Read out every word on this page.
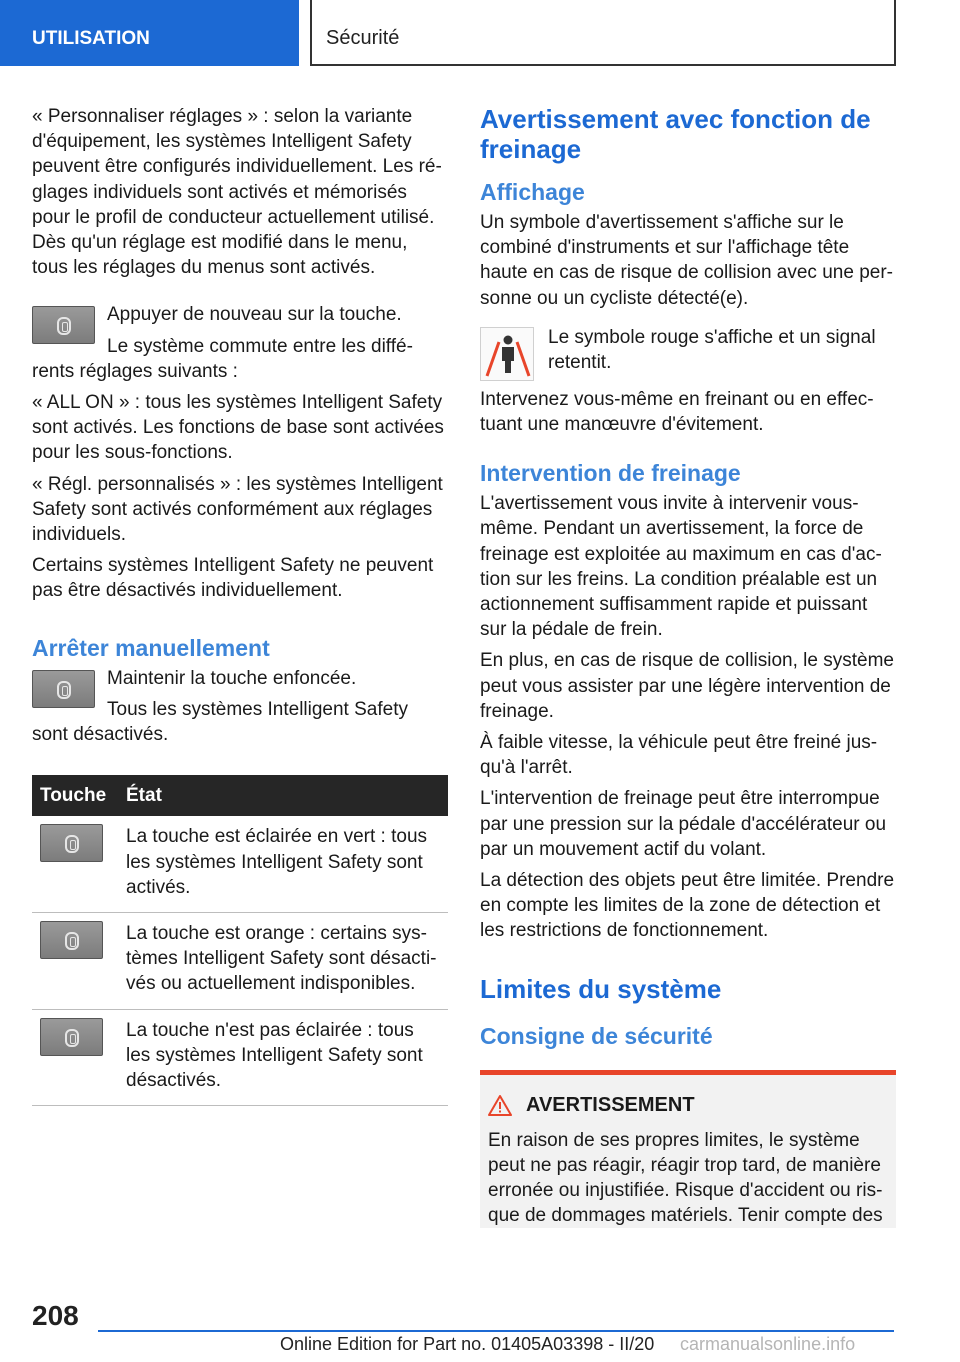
UTILISATION	Sécurité

« Personnaliser réglages » : selon la variante d'équipement, les systèmes Intelligent Safety peuvent être configurés individuellement. Les réglages individuels sont activés et mémorisés pour le profil de conducteur actuellement utilisé. Dès qu'un réglage est modifié dans le menu, tous les réglages du menus sont activés.

Appuyer de nouveau sur la touche.

Le système commute entre les différents réglages suivants :

« ALL ON » : tous les systèmes Intelligent Safety sont activés. Les fonctions de base sont activées pour les sous-fonctions.

« Régl. personnalisés » : les systèmes Intelligent Safety sont activés conformément aux réglages individuels.

Certains systèmes Intelligent Safety ne peuvent pas être désactivés individuellement.

Arrêter manuellement

Maintenir la touche enfoncée.

Tous les systèmes Intelligent Safety sont désactivés.

Touche	État

	La touche est éclairée en vert : tous les systèmes Intelligent Safety sont activés.

	La touche est orange : certains systèmes Intelligent Safety sont désactivés ou actuellement indisponibles.

	La touche n'est pas éclairée : tous les systèmes Intelligent Safety sont désactivés.
Avertissement avec fonction de freinage
Affichage

Un symbole d'avertissement s'affiche sur le combiné d'instruments et sur l'affichage tête haute en cas de risque de collision avec une personne ou un cycliste détecté(e).

Le symbole rouge s'affiche et un signal retentit.

Intervenez vous-même en freinant ou en effectuant une manœuvre d'évitement.

Intervention de freinage

L'avertissement vous invite à intervenir vous-même. Pendant un avertissement, la force de freinage est exploitée au maximum en cas d'action sur les freins. La condition préalable est un actionnement suffisamment rapide et puissant sur la pédale de frein.

En plus, en cas de risque de collision, le système peut vous assister par une légère intervention de freinage.

À faible vitesse, la véhicule peut être freiné jusqu'à l'arrêt.

L'intervention de freinage peut être interrompue par une pression sur la pédale d'accélérateur ou par un mouvement actif du volant.

La détection des objets peut être limitée. Prendre en compte les limites de la zone de détection et les restrictions de fonctionnement.

Limites du système
Consigne de sécurité
AVERTISSEMENT

En raison de ses propres limites, le système peut ne pas réagir, réagir trop tard, de manière erronée ou injustifiée. Risque d'accident ou risque de dommages matériels. Tenir compte des

208
Online Edition for Part no. 01405A03398 - II/20 carmanualsonline.info
